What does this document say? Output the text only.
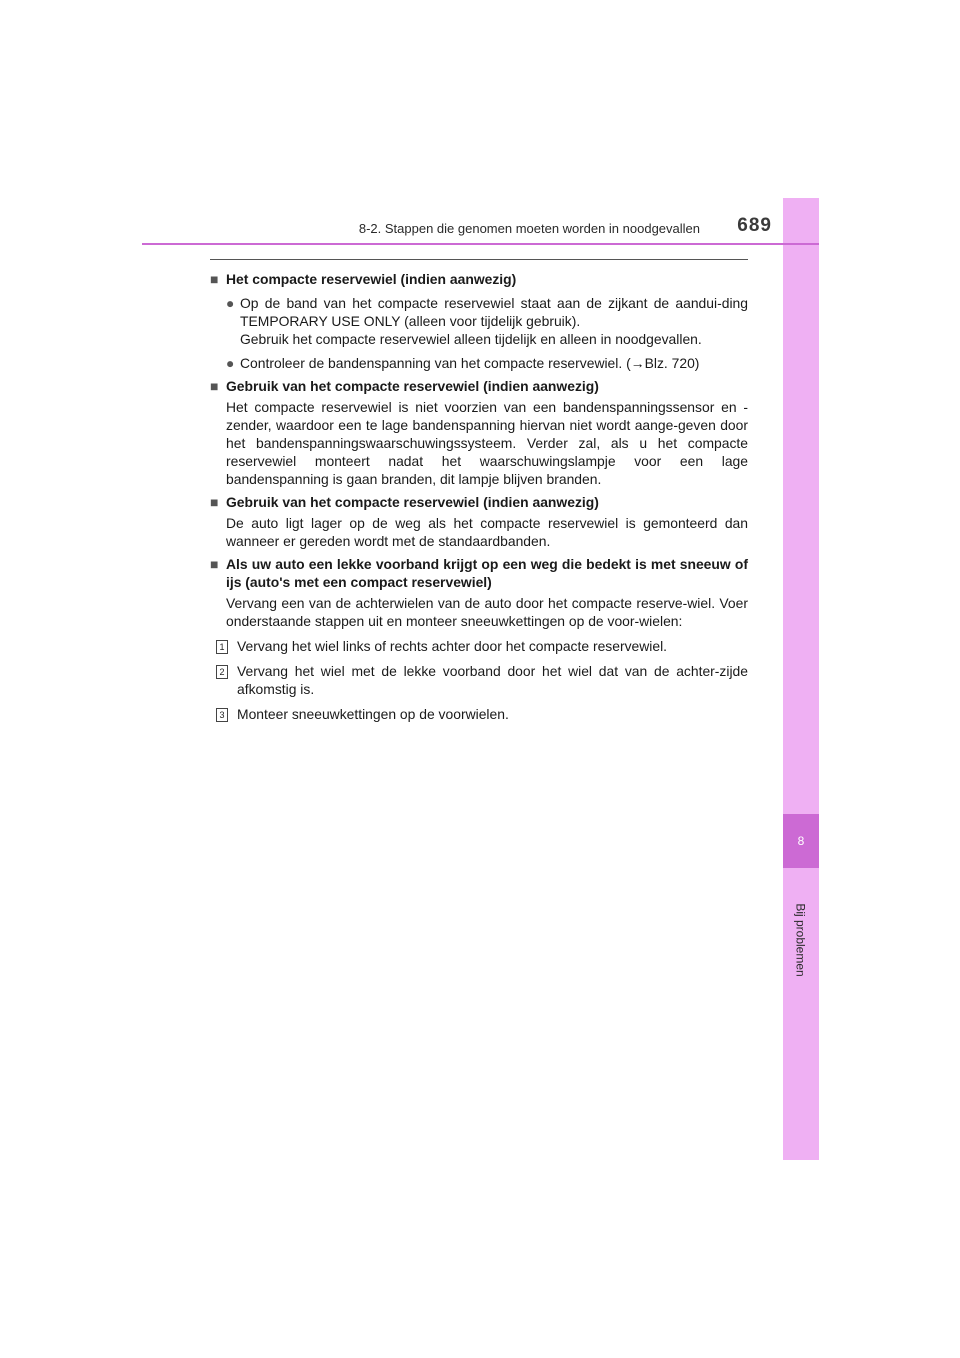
8
Bij problemen
8-2. Stappen die genomen moeten worden in noodgevallen	689
■ Het compacte reservewiel (indien aanwezig)
● Op de band van het compacte reservewiel staat aan de zijkant de aandui-ding TEMPORARY USE ONLY (alleen voor tijdelijk gebruik).
Gebruik het compacte reservewiel alleen tijdelijk en alleen in noodgevallen.
● Controleer de bandenspanning van het compacte reservewiel. (→Blz. 720)
■ Gebruik van het compacte reservewiel (indien aanwezig)
Het compacte reservewiel is niet voorzien van een bandenspanningssensor en -zender, waardoor een te lage bandenspanning hiervan niet wordt aange-geven door het bandenspanningswaarschuwingssysteem. Verder zal, als u het compacte reservewiel monteert nadat het waarschuwingslampje voor een lage bandenspanning is gaan branden, dit lampje blijven branden.
■ Gebruik van het compacte reservewiel (indien aanwezig)
De auto ligt lager op de weg als het compacte reservewiel is gemonteerd dan wanneer er gereden wordt met de standaardbanden.
■ Als uw auto een lekke voorband krijgt op een weg die bedekt is met sneeuw of ijs (auto's met een compact reservewiel)
Vervang een van de achterwielen van de auto door het compacte reserve-wiel. Voer onderstaande stappen uit en monteer sneeuwkettingen op de voor-wielen:
1 Vervang het wiel links of rechts achter door het compacte reservewiel.
2 Vervang het wiel met de lekke voorband door het wiel dat van de achter-zijde afkomstig is.
3 Monteer sneeuwkettingen op de voorwielen.
